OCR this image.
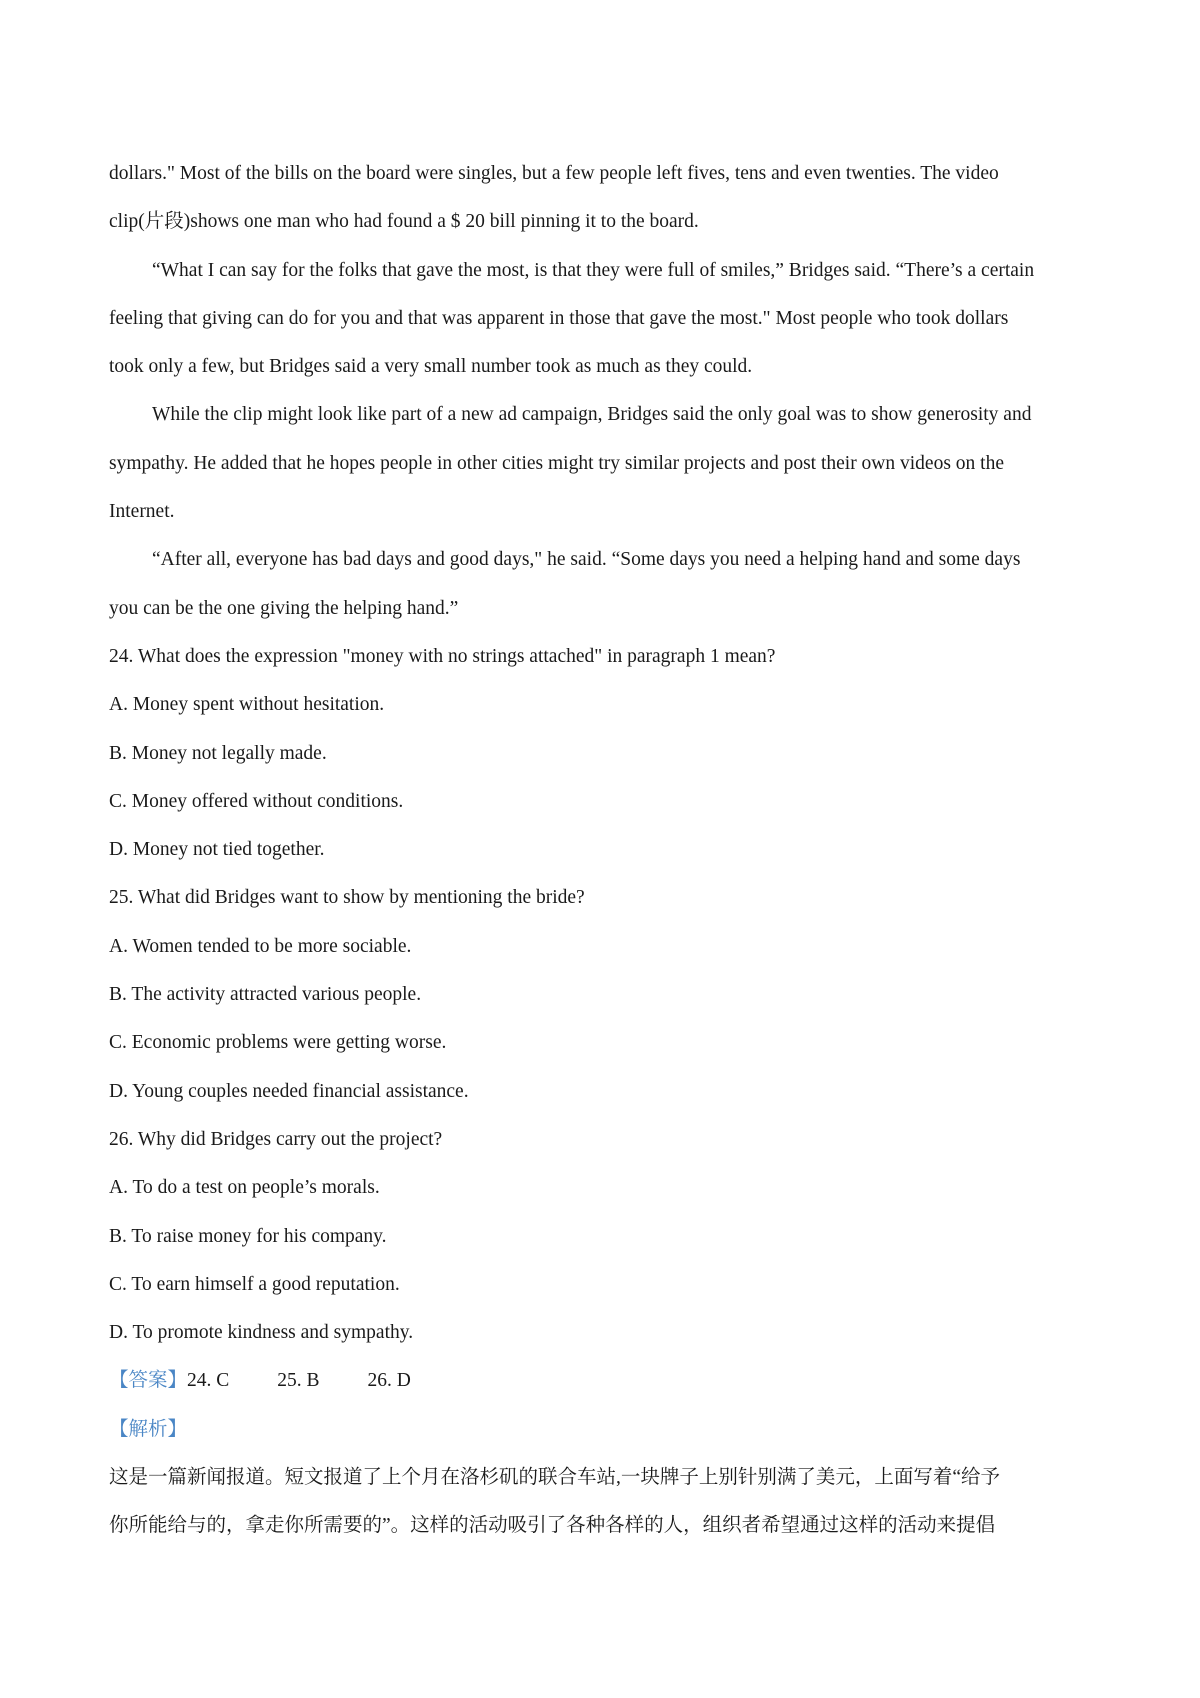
dollars." Most of the bills on the board were singles, but a few people left fives, tens and even twenties. The video
clip(片段)shows one man who had found a $ 20 bill pinning it to the board.
“What I can say for the folks that gave the most, is that they were full of smiles,” Bridges said. “There’s a certain
feeling that giving can do for you and that was apparent in those that gave the most." Most people who took dollars
took only a few, but Bridges said a very small number took as much as they could.
While the clip might look like part of a new ad campaign, Bridges said the only goal was to show generosity and
sympathy. He added that he hopes people in other cities might try similar projects and post their own videos on the
Internet.
“After all, everyone has bad days and good days," he said. “Some days you need a helping hand and some days
you can be the one giving the helping hand.”
24. What does the expression "money with no strings attached" in paragraph 1 mean?
A. Money spent without hesitation.
B. Money not legally made.
C. Money offered without conditions.
D. Money not tied together.
25. What did Bridges want to show by mentioning the bride?
A. Women tended to be more sociable.
B. The activity attracted various people.
C. Economic problems were getting worse.
D. Young couples needed financial assistance.
26. Why did Bridges carry out the project?
A. To do a test on people’s morals.
B. To raise money for his company.
C. To earn himself a good reputation.
D. To promote kindness and sympathy.
【答案】24. C 25. B 26. D
【解析】
这是一篇新闻报道。短文报道了上个月在洛杉矶的联合车站,一块牌子上别针别满了美元，上面写着“给予
你所能给与的，拿走你所需要的”。这样的活动吸引了各种各样的人，组织者希望通过这样的活动来提倡
